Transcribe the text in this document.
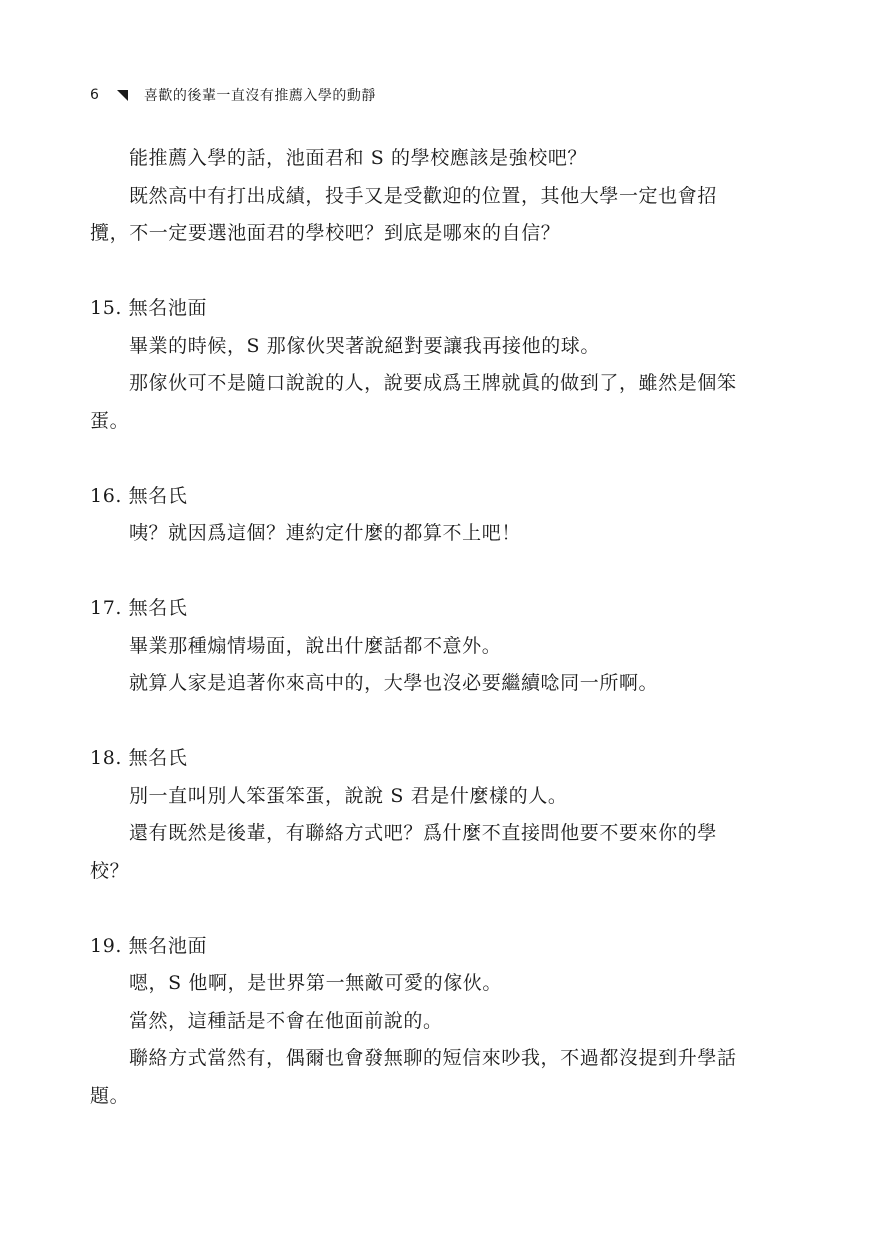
6	喜歡的後輩一直沒有推薦入學的動靜

能推薦入學的話，池面君和 S 的學校應該是強校吧？

既然高中有打出成績，投手又是受歡迎的位置，其他大學一定也會招攬，不一定要選池面君的學校吧？到底是哪來的自信？

15. 無名池面

畢業的時候，S 那傢伙哭著說絕對要讓我再接他的球。

那傢伙可不是隨口說說的人，說要成爲王牌就眞的做到了，雖然是個笨蛋。

16. 無名氏

咦？就因爲這個？連約定什麼的都算不上吧！

17. 無名氏

畢業那種煽情場面，說出什麼話都不意外。

就算人家是追著你來高中的，大學也沒必要繼續唸同一所啊。

18. 無名氏

別一直叫別人笨蛋笨蛋，說說 S 君是什麼樣的人。

還有既然是後輩，有聯絡方式吧？爲什麼不直接問他要不要來你的學校？

19. 無名池面

嗯，S 他啊，是世界第一無敵可愛的傢伙。

當然，這種話是不會在他面前說的。

聯絡方式當然有，偶爾也會發無聊的短信來吵我，不過都沒提到升學話題。
